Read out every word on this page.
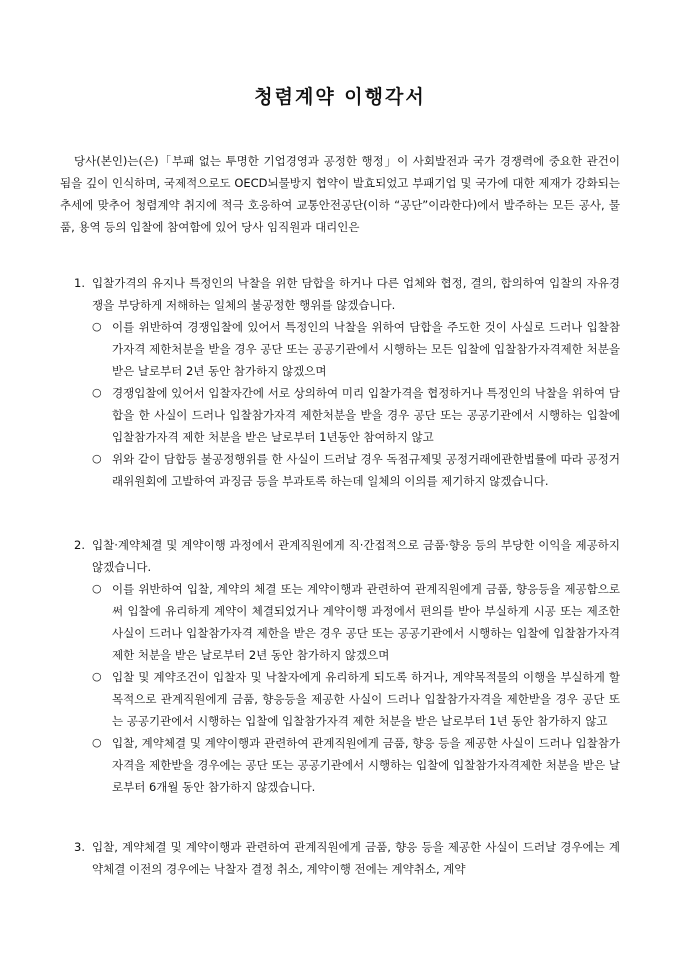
청렴계약 이행각서

당사(본인)는(은)「부패 없는 투명한 기업경영과 공정한 행정」이 사회발전과 국가 경쟁력에 중요한 관건이 됨을 깊이 인식하며, 국제적으로도 OECD뇌물방지 협약이 발효되었고 부패기업 및 국가에 대한 제재가 강화되는 추세에 맞추어 청렴계약 취지에 적극 호응하여 교통안전공단(이하 “공단”이라한다)에서 발주하는 모든 공사, 물품, 용역 등의 입찰에 참여함에 있어 당사 임직원과 대리인은

1. 입찰가격의 유지나 특정인의 낙찰을 위한 담합을 하거나 다른 업체와 협정, 결의, 합의하여 입찰의 자유경쟁을 부당하게 저해하는 일체의 불공정한 행위를 않겠습니다.
○ 이를 위반하여 경쟁입찰에 있어서 특정인의 낙찰을 위하여 담합을 주도한 것이 사실로 드러나 입찰참가자격 제한처분을 받을 경우 공단 또는 공공기관에서 시행하는 모든 입찰에 입찰참가자격제한 처분을 받은 날로부터 2년 동안 참가하지 않겠으며
○ 경쟁입찰에 있어서 입찰자간에 서로 상의하여 미리 입찰가격을 협정하거나 특정인의 낙찰을 위하여 담합을 한 사실이 드러나 입찰참가자격 제한처분을 받을 경우 공단 또는 공공기관에서 시행하는 입찰에 입찰참가자격 제한 처분을 받은 날로부터 1년동안 참여하지 않고
○ 위와 같이 담합등 불공정행위를 한 사실이 드러날 경우 독점규제및 공정거래에관한법률에 따라 공정거래위원회에 고발하여 과징금 등을 부과토록 하는데 일체의 이의를 제기하지 않겠습니다.
2. 입찰·계약체결 및 계약이행 과정에서 관계직원에게 직·간접적으로 금품·향응 등의 부당한 이익을 제공하지 않겠습니다.
○ 이를 위반하여 입찰, 계약의 체결 또는 계약이행과 관련하여 관계직원에게 금품, 향응등을 제공함으로써 입찰에 유리하게 계약이 체결되었거나 계약이행 과정에서 편의를 받아 부실하게 시공 또는 제조한 사실이 드러나 입찰참가자격 제한을 받은 경우 공단 또는 공공기관에서 시행하는 입찰에 입찰참가자격 제한 처분을 받은 날로부터 2년 동안 참가하지 않겠으며
○ 입찰 및 계약조건이 입찰자 및 낙찰자에게 유리하게 되도록 하거나, 계약목적물의 이행을 부실하게 할 목적으로 관계직원에게 금품, 향응등을 제공한 사실이 드러나 입찰참가자격을 제한받을 경우 공단 또는 공공기관에서 시행하는 입찰에 입찰참가자격 제한 처분을 받은 날로부터 1년 동안 참가하지 않고
○ 입찰, 계약체결 및 계약이행과 관련하여 관계직원에게 금품, 향응 등을 제공한 사실이 드러나 입찰참가자격을 제한받을 경우에는 공단 또는 공공기관에서 시행하는 입찰에 입찰참가자격제한 처분을 받은 날로부터 6개월 동안 참가하지 않겠습니다.
3. 입찰, 계약체결 및 계약이행과 관련하여 관계직원에게 금품, 향응 등을 제공한 사실이 드러날 경우에는 계약체결 이전의 경우에는 낙찰자 결정 취소, 계약이행 전에는 계약취소, 계약
